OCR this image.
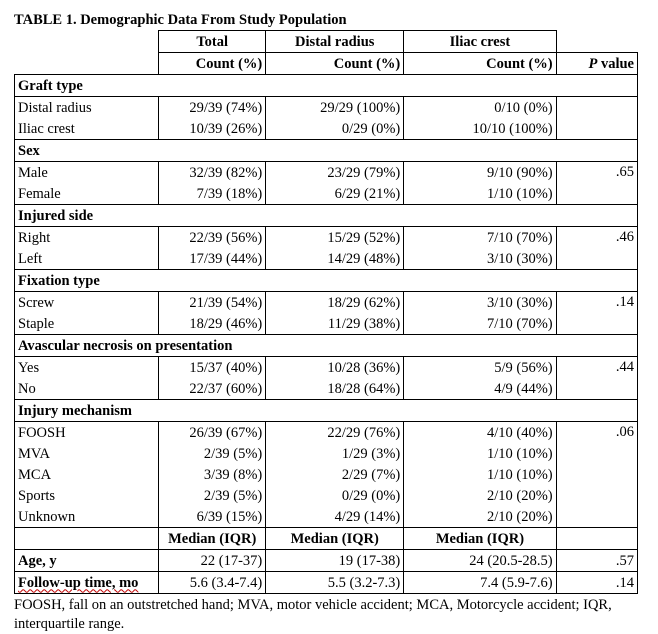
TABLE 1. Demographic Data From Study Population
	Total	Distal radius	Iliac crest	
	Count (%)	Count (%)	Count (%)	P value
Graft type				
Distal radius	29/39 (74%)	29/29 (100%)	0/10 (0%)	
Iliac crest	10/39 (26%)	0/29 (0%)	10/10 (100%)	
Sex				
Male	32/39 (82%)	23/29 (79%)	9/10 (90%)	.65
Female	7/39 (18%)	6/29 (21%)	1/10 (10%)	
Injured side				
Right	22/39 (56%)	15/29 (52%)	7/10 (70%)	.46
Left	17/39 (44%)	14/29 (48%)	3/10 (30%)	
Fixation type				
Screw	21/39 (54%)	18/29 (62%)	3/10 (30%)	.14
Staple	18/29 (46%)	11/29 (38%)	7/10 (70%)	
Avascular necrosis on presentation				
Yes	15/37 (40%)	10/28 (36%)	5/9 (56%)	.44
No	22/37 (60%)	18/28 (64%)	4/9 (44%)	
Injury mechanism				
FOOSH	26/39 (67%)	22/29 (76%)	4/10 (40%)	.06
MVA	2/39 (5%)	1/29 (3%)	1/10 (10%)	
MCA	3/39 (8%)	2/29 (7%)	1/10 (10%)	
Sports	2/39 (5%)	0/29 (0%)	2/10 (20%)	
Unknown	6/39 (15%)	4/29 (14%)	2/10 (20%)	
	Median (IQR)	Median (IQR)	Median (IQR)	
Age, y	22 (17-37)	19 (17-38)	24 (20.5-28.5)	.57
Follow-up time, mo	5.6 (3.4-7.4)	5.5 (3.2-7.3)	7.4 (5.9-7.6)	.14
FOOSH, fall on an outstretched hand; MVA, motor vehicle accident; MCA, Motorcycle accident; IQR, interquartile range.
